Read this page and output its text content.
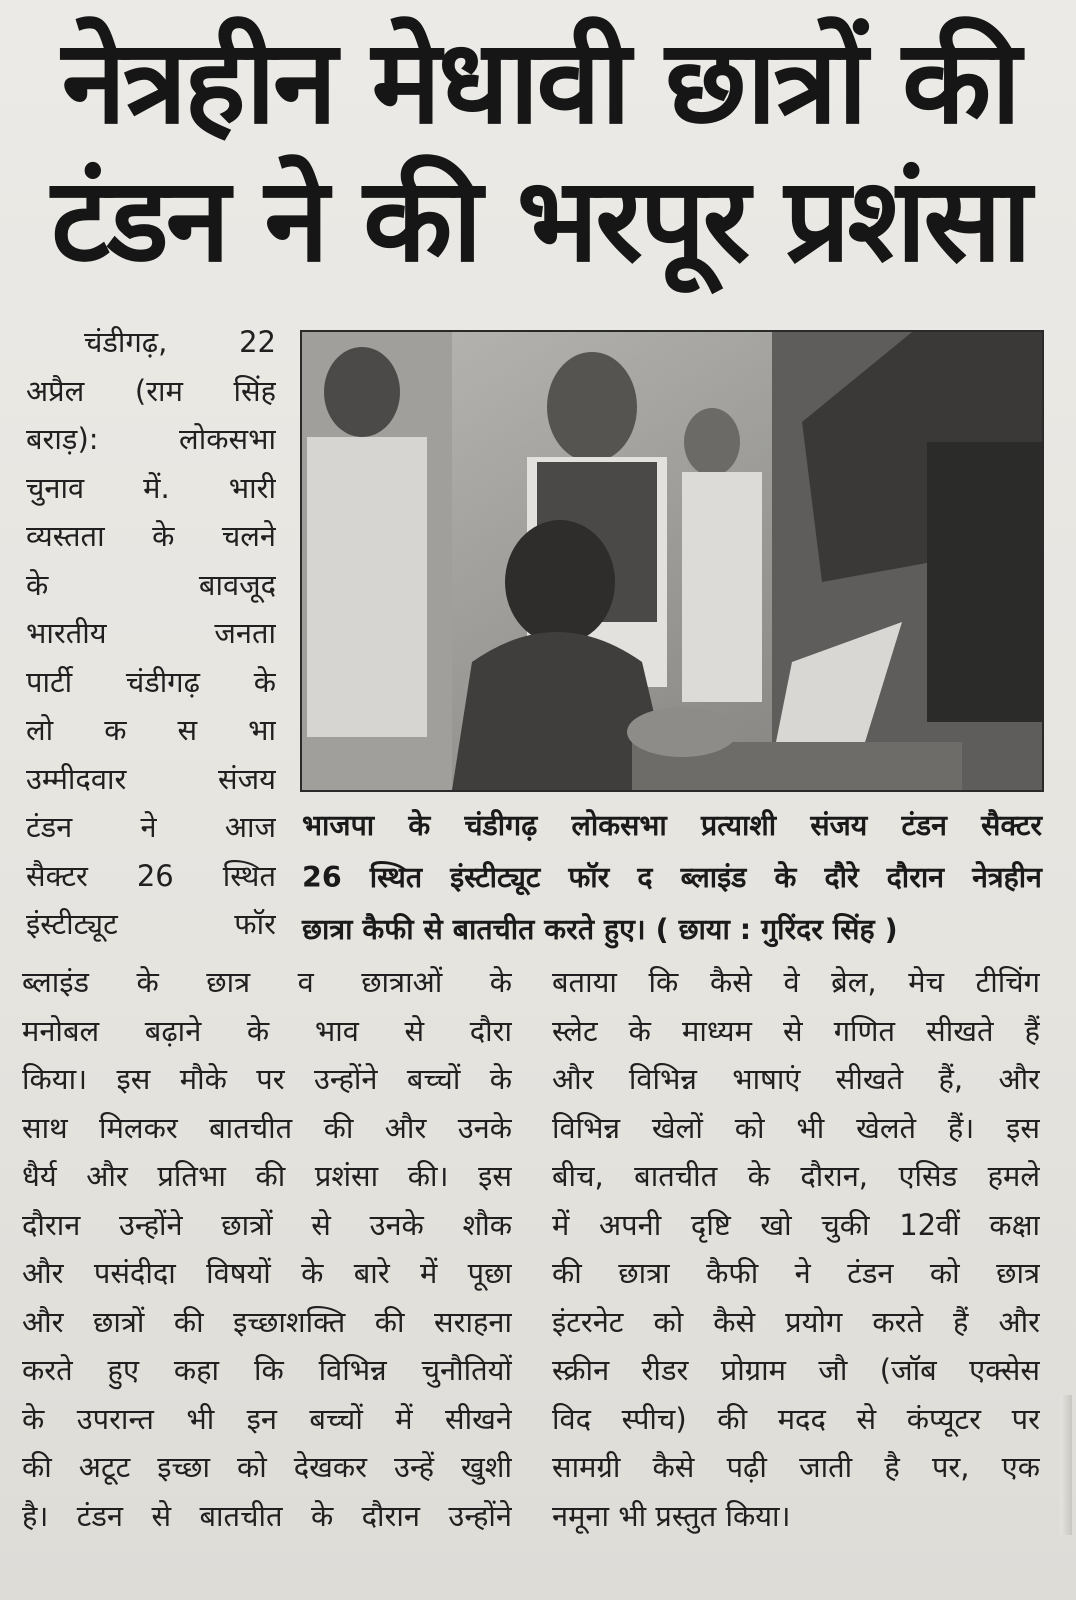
नेत्रहीन मेधावी छात्रों की
टंडन ने की भरपूर प्रशंसा
चंडीगढ़, 22
अप्रैल (राम सिंह
बराड़): लोकसभा
चुनाव में. भारी
व्यस्तता के चलने
के बावजूद
भारतीय जनता
पार्टी चंडीगढ़ के
लो क स भा
उम्मीदवार संजय
टंडन ने आज
सैक्टर 26 स्थित
इंस्टीट्यूट फॉर
भाजपा के चंडीगढ़ लोकसभा प्रत्याशी संजय टंडन सैक्टर
26 स्थित इंस्टीट्यूट फॉर द ब्लाइंड के दौरे दौरान नेत्रहीन
छात्रा कैफी से बातचीत करते हुए। ( छाया : गुरिंदर सिंह )
ब्लाइंड के छात्र व छात्राओं के
मनोबल बढ़ाने के भाव से दौरा
किया। इस मौके पर उन्होंने बच्चों के
साथ मिलकर बातचीत की और उनके
धैर्य और प्रतिभा की प्रशंसा की। इस
दौरान उन्होंने छात्रों से उनके शौक
और पसंदीदा विषयों के बारे में पूछा
और छात्रों की इच्छाशक्ति की सराहना
करते हुए कहा कि विभिन्न चुनौतियों
के उपरान्त भी इन बच्चों में सीखने
की अटूट इच्छा को देखकर उन्हें खुशी
है। टंडन से बातचीत के दौरान उन्होंने
बताया कि कैसे वे ब्रेल, मेच टीचिंग
स्लेट के माध्यम से गणित सीखते हैं
और विभिन्न भाषाएं सीखते हैं, और
विभिन्न खेलों को भी खेलते हैं। इस
बीच, बातचीत के दौरान, एसिड हमले
में अपनी दृष्टि खो चुकी 12वीं कक्षा
की छात्रा कैफी ने टंडन को छात्र
इंटरनेट को कैसे प्रयोग करते हैं और
स्क्रीन रीडर प्रोग्राम जौ (जॉब एक्सेस
विद स्पीच) की मदद से कंप्यूटर पर
सामग्री कैसे पढ़ी जाती है पर, एक
नमूना भी प्रस्तुत किया।
